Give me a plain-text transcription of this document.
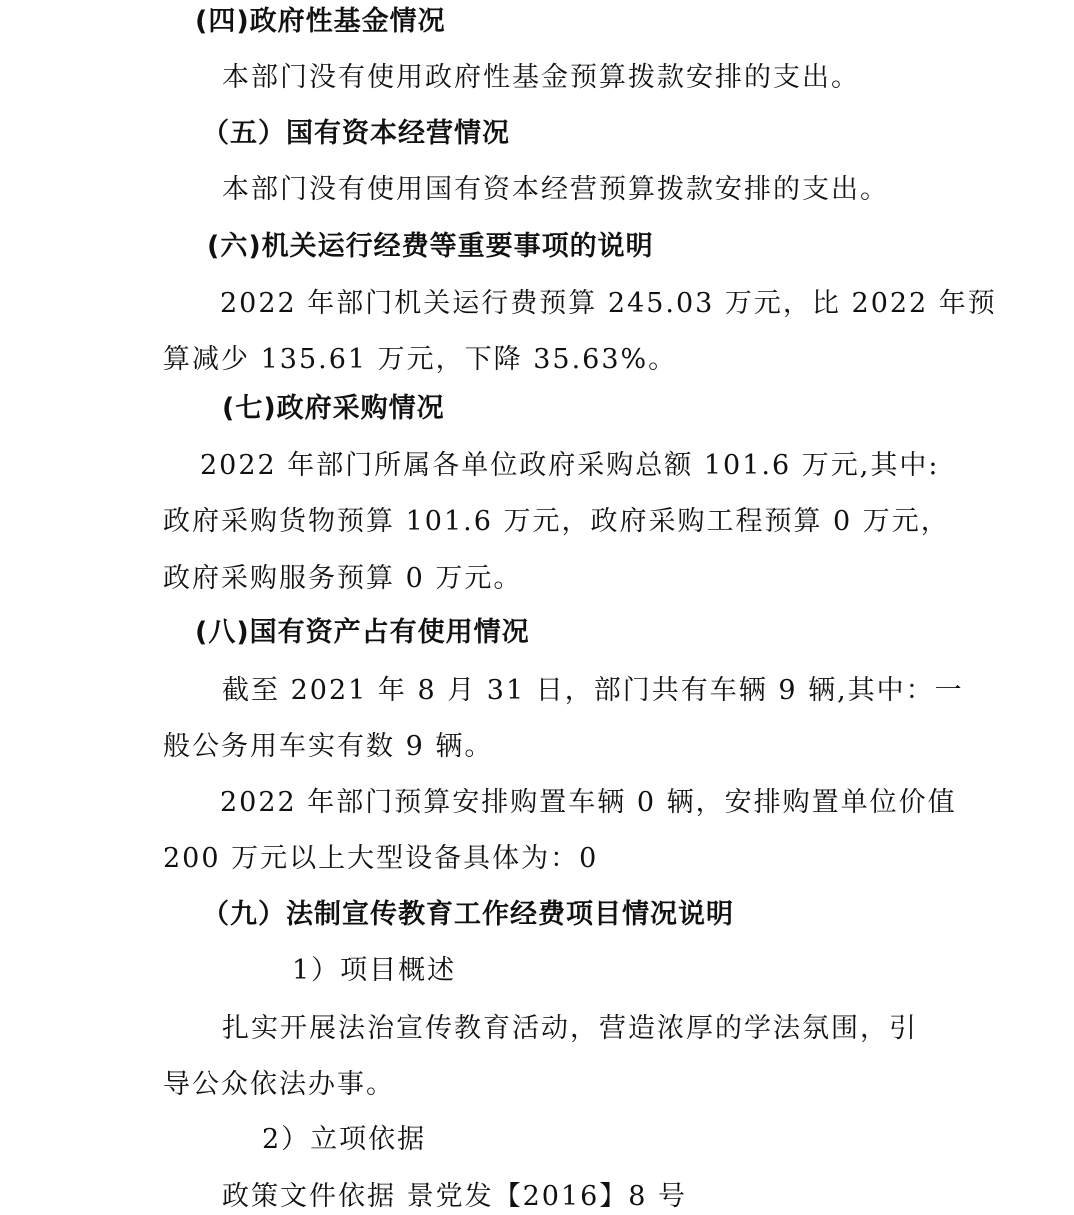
(四)政府性基金情况
本部门没有使用政府性基金预算拨款安排的支出。
（五）国有资本经营情况
本部门没有使用国有资本经营预算拨款安排的支出。
(六)机关运行经费等重要事项的说明
2022 年部门机关运行费预算 245.03 万元，比 2022 年预
算减少 135.61 万元，下降 35.63%。
(七)政府采购情况
2022 年部门所属各单位政府采购总额 101.6 万元,其中:
政府采购货物预算 101.6 万元，政府采购工程预算 0 万元，
政府采购服务预算 0 万元。
(八)国有资产占有使用情况
截至 2021 年 8 月 31 日，部门共有车辆 9 辆,其中：一
般公务用车实有数 9 辆。
2022 年部门预算安排购置车辆 0 辆，安排购置单位价值
200 万元以上大型设备具体为：0
（九）法制宣传教育工作经费项目情况说明
1）项目概述
扎实开展法治宣传教育活动，营造浓厚的学法氛围，引
导公众依法办事。
2）立项依据
政策文件依据 景党发【2016】8 号
